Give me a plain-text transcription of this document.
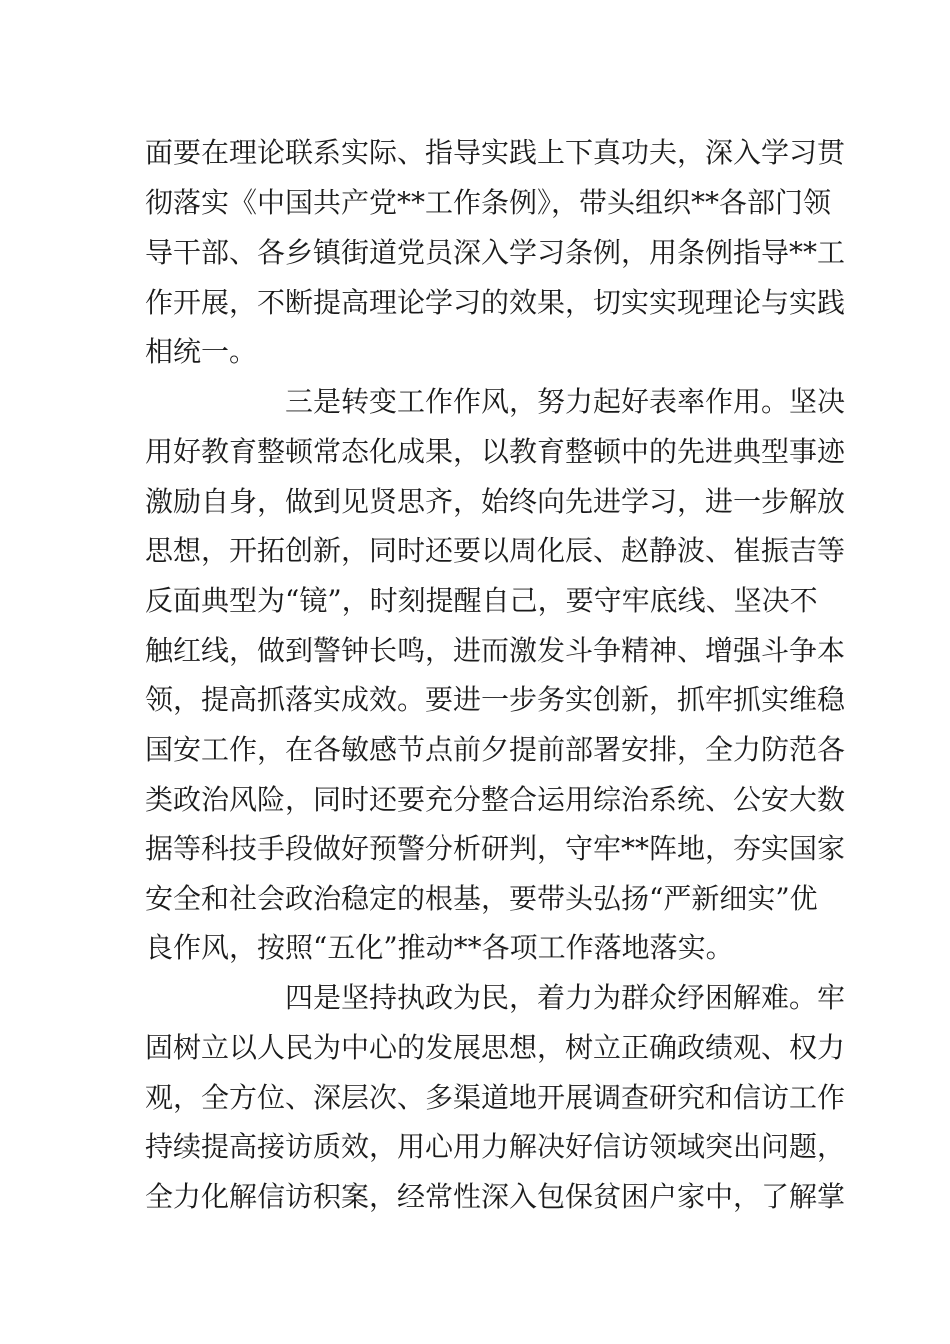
面要在理论联系实际、指导实践上下真功夫，深入学习贯
彻落实《中国共产党**工作条例》，带头组织**各部门领
导干部、各乡镇街道党员深入学习条例，用条例指导**工
作开展，不断提高理论学习的效果，切实实现理论与实践
相统一。
三是转变工作作风，努力起好表率作用。坚决
用好教育整顿常态化成果，以教育整顿中的先进典型事迹
激励自身，做到见贤思齐，始终向先进学习，进一步解放
思想，开拓创新，同时还要以周化辰、赵静波、崔振吉等
反面典型为“镜”，时刻提醒自己，要守牢底线、坚决不
触红线，做到警钟长鸣，进而激发斗争精神、增强斗争本
领，提高抓落实成效。要进一步务实创新，抓牢抓实维稳
国安工作，在各敏感节点前夕提前部署安排，全力防范各
类政治风险，同时还要充分整合运用综治系统、公安大数
据等科技手段做好预警分析研判，守牢**阵地，夯实国家
安全和社会政治稳定的根基，要带头弘扬“严新细实”优
良作风，按照“五化”推动**各项工作落地落实。
四是坚持执政为民，着力为群众纾困解难。牢
固树立以人民为中心的发展思想，树立正确政绩观、权力
观，全方位、深层次、多渠道地开展调查研究和信访工作
持续提高接访质效，用心用力解决好信访领域突出问题，
全力化解信访积案，经常性深入包保贫困户家中，了解掌
